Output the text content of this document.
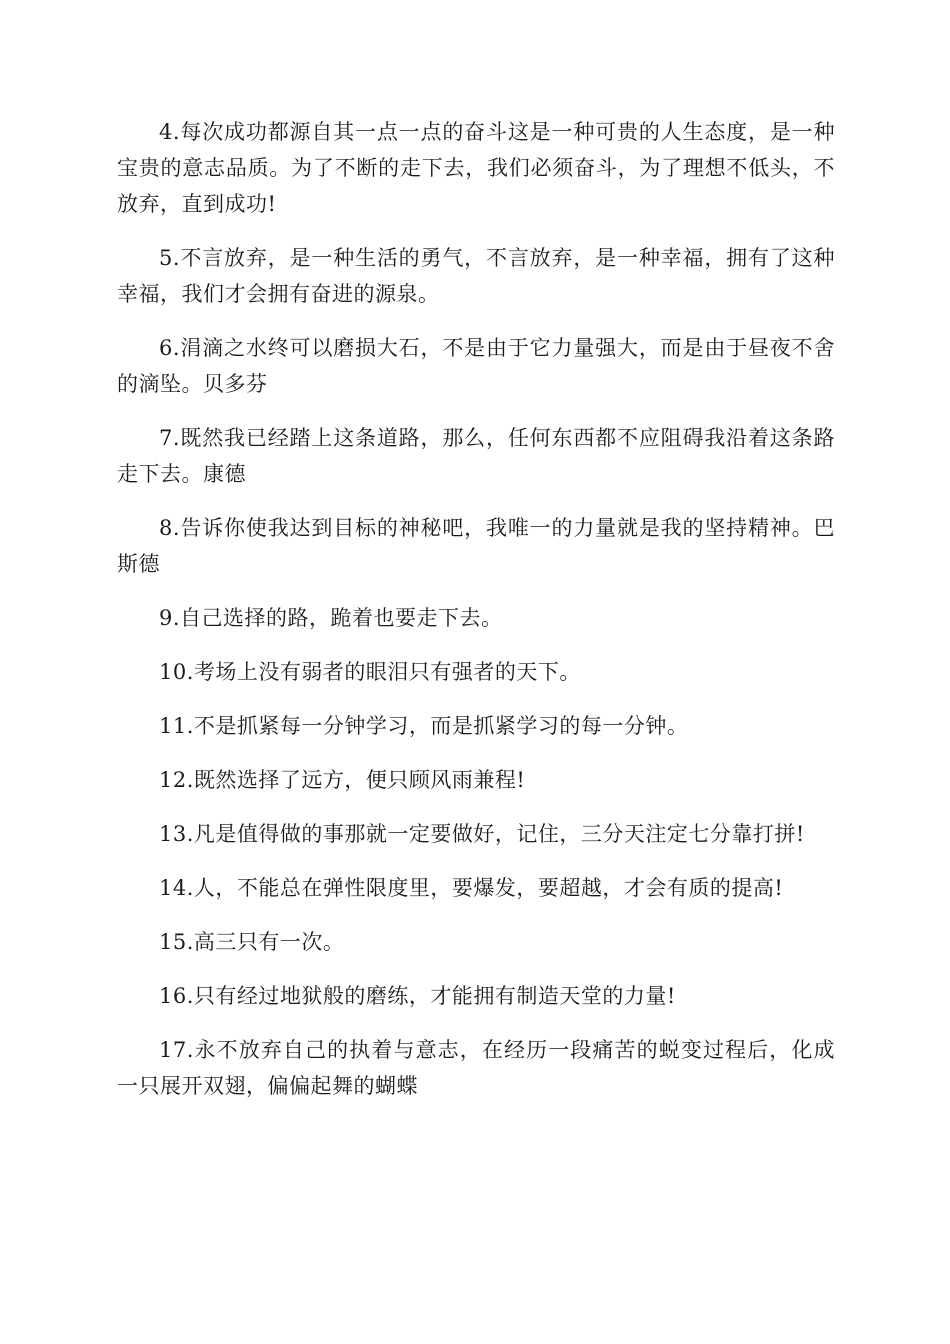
4.每次成功都源自其一点一点的奋斗这是一种可贵的人生态度，是一种宝贵的意志品质。为了不断的走下去，我们必须奋斗，为了理想不低头，不放弃，直到成功!

5.不言放弃，是一种生活的勇气，不言放弃，是一种幸福，拥有了这种幸福，我们才会拥有奋进的源泉。

6.涓滴之水终可以磨损大石，不是由于它力量强大，而是由于昼夜不舍的滴坠。贝多芬

7.既然我已经踏上这条道路，那么，任何东西都不应阻碍我沿着这条路走下去。康德

8.告诉你使我达到目标的神秘吧，我唯一的力量就是我的坚持精神。巴斯德

9.自己选择的路，跪着也要走下去。

10.考场上没有弱者的眼泪只有强者的天下。

11.不是抓紧每一分钟学习，而是抓紧学习的每一分钟。

12.既然选择了远方，便只顾风雨兼程!

13.凡是值得做的事那就一定要做好，记住，三分天注定七分靠打拼!

14.人，不能总在弹性限度里，要爆发，要超越，才会有质的提高!

15.高三只有一次。

16.只有经过地狱般的磨练，才能拥有制造天堂的力量!

17.永不放弃自己的执着与意志，在经历一段痛苦的蜕变过程后，化成一只展开双翅，偏偏起舞的蝴蝶
